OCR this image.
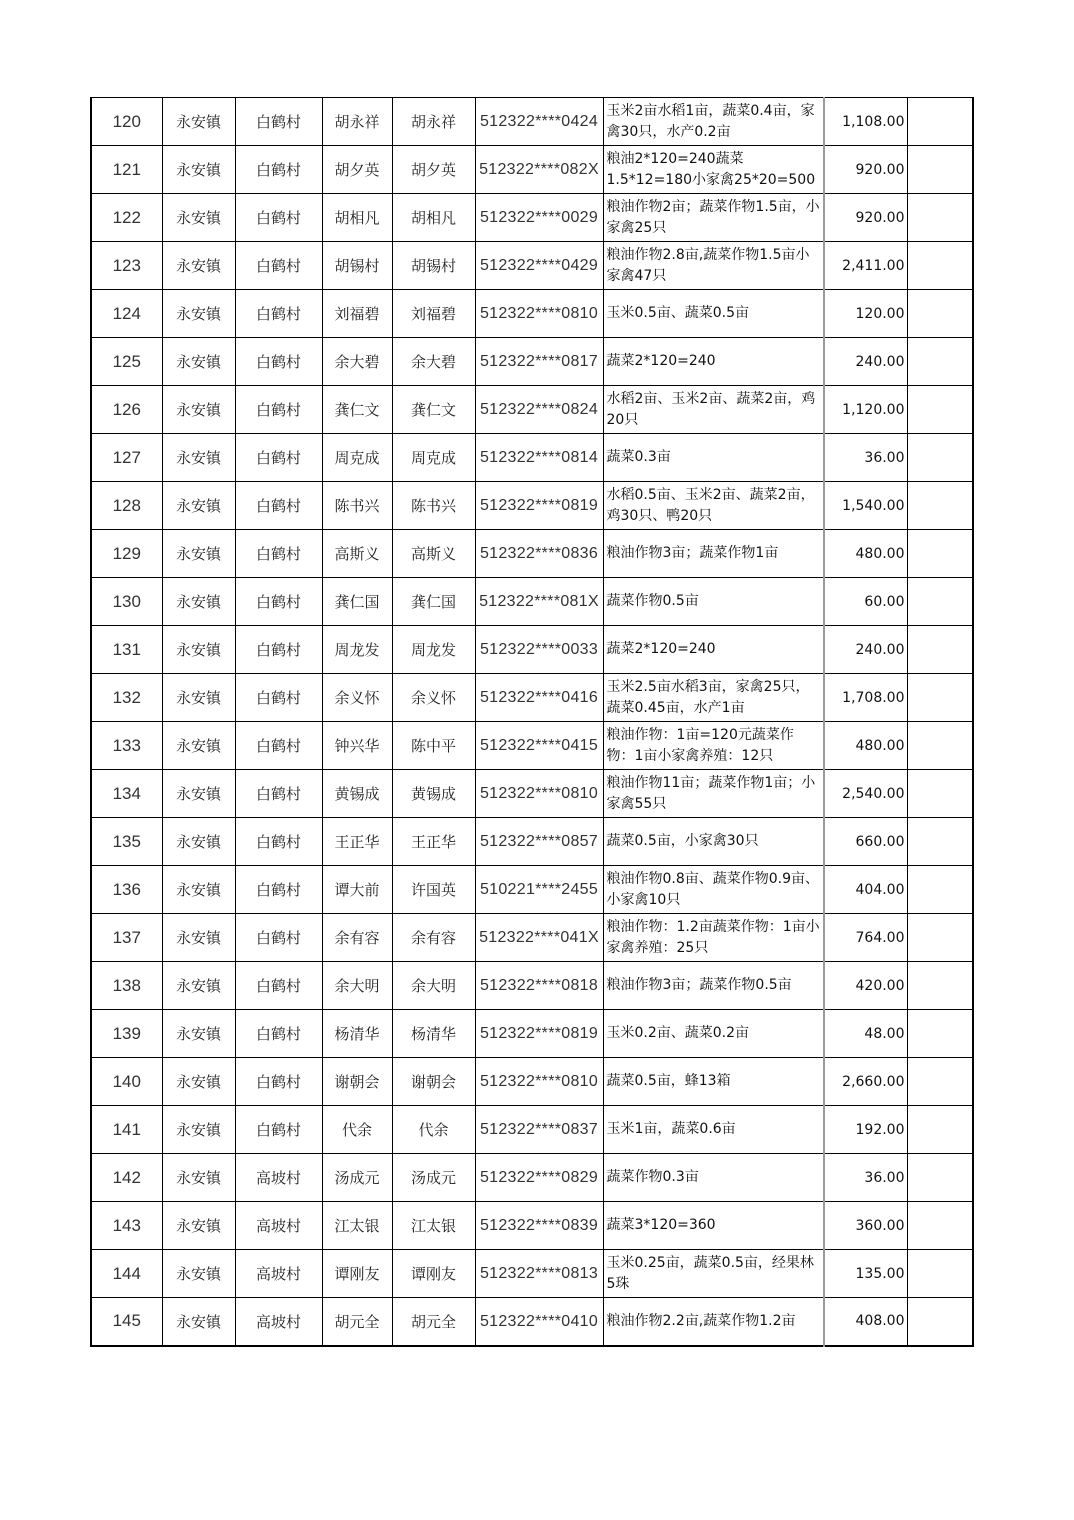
120	永安镇	白鹤村	胡永祥	胡永祥	512322****0424	玉米2亩水稻1亩，蔬菜0.4亩，家禽30只，水产0.2亩	1,108.00	
121	永安镇	白鹤村	胡夕英	胡夕英	512322****082X	粮油2*120=240蔬菜1.5*12=180小家禽25*20=500	920.00	
122	永安镇	白鹤村	胡相凡	胡相凡	512322****0029	粮油作物2亩；蔬菜作物1.5亩，小家禽25只	920.00	
123	永安镇	白鹤村	胡锡村	胡锡村	512322****0429	粮油作物2.8亩,蔬菜作物1.5亩小家禽47只	2,411.00	
124	永安镇	白鹤村	刘福碧	刘福碧	512322****0810	玉米0.5亩、蔬菜0.5亩	120.00	
125	永安镇	白鹤村	余大碧	余大碧	512322****0817	蔬菜2*120=240	240.00	
126	永安镇	白鹤村	龚仁文	龚仁文	512322****0824	水稻2亩、玉米2亩、蔬菜2亩，鸡20只	1,120.00	
127	永安镇	白鹤村	周克成	周克成	512322****0814	蔬菜0.3亩	36.00	
128	永安镇	白鹤村	陈书兴	陈书兴	512322****0819	水稻0.5亩、玉米2亩、蔬菜2亩，鸡30只、鸭20只	1,540.00	
129	永安镇	白鹤村	高斯义	高斯义	512322****0836	粮油作物3亩；蔬菜作物1亩	480.00	
130	永安镇	白鹤村	龚仁国	龚仁国	512322****081X	蔬菜作物0.5亩	60.00	
131	永安镇	白鹤村	周龙发	周龙发	512322****0033	蔬菜2*120=240	240.00	
132	永安镇	白鹤村	余义怀	余义怀	512322****0416	玉米2.5亩水稻3亩，家禽25只，蔬菜0.45亩，水产1亩	1,708.00	
133	永安镇	白鹤村	钟兴华	陈中平	512322****0415	粮油作物：1亩=120元蔬菜作物：1亩小家禽养殖：12只	480.00	
134	永安镇	白鹤村	黄锡成	黄锡成	512322****0810	粮油作物11亩；蔬菜作物1亩；小家禽55只	2,540.00	
135	永安镇	白鹤村	王正华	王正华	512322****0857	蔬菜0.5亩，小家禽30只	660.00	
136	永安镇	白鹤村	谭大前	许国英	510221****2455	粮油作物0.8亩、蔬菜作物0.9亩、小家禽10只	404.00	
137	永安镇	白鹤村	余有容	余有容	512322****041X	粮油作物：1.2亩蔬菜作物：1亩小家禽养殖：25只	764.00	
138	永安镇	白鹤村	余大明	余大明	512322****0818	粮油作物3亩；蔬菜作物0.5亩	420.00	
139	永安镇	白鹤村	杨清华	杨清华	512322****0819	玉米0.2亩、蔬菜0.2亩	48.00	
140	永安镇	白鹤村	谢朝会	谢朝会	512322****0810	蔬菜0.5亩，蜂13箱	2,660.00	
141	永安镇	白鹤村	代余	代余	512322****0837	玉米1亩，蔬菜0.6亩	192.00	
142	永安镇	高坡村	汤成元	汤成元	512322****0829	蔬菜作物0.3亩	36.00	
143	永安镇	高坡村	江太银	江太银	512322****0839	蔬菜3*120=360	360.00	
144	永安镇	高坡村	谭刚友	谭刚友	512322****0813	玉米0.25亩，蔬菜0.5亩，经果林5珠	135.00	
145	永安镇	高坡村	胡元全	胡元全	512322****0410	粮油作物2.2亩,蔬菜作物1.2亩	408.00	
